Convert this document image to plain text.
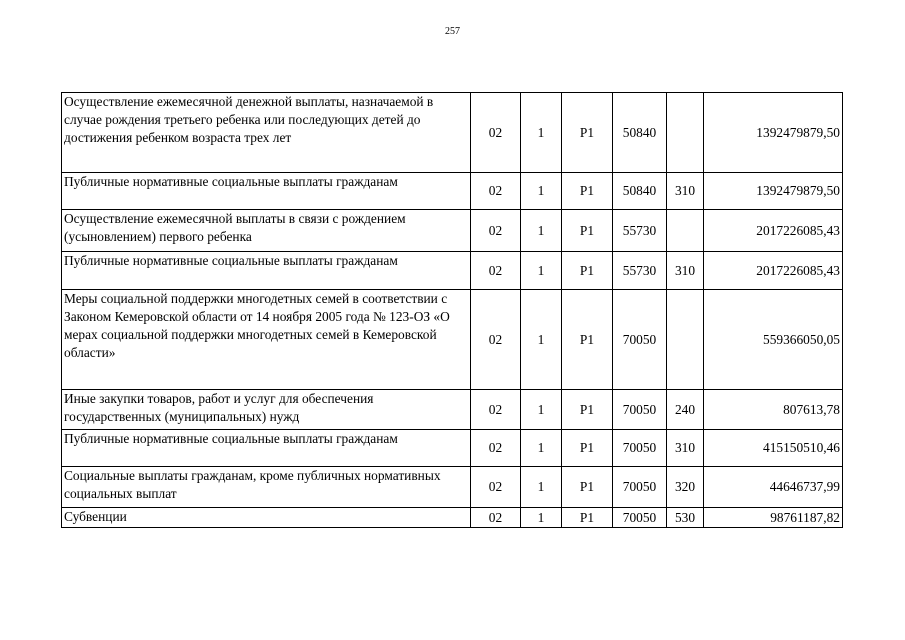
257
Осуществление ежемесячной денежной выплаты, назначаемой в случае рождения третьего ребенка или последующих детей до достижения ребенком возраста трех лет	02	1	P1	50840		1392479879,50
Публичные нормативные социальные выплаты гражданам	02	1	P1	50840	310	1392479879,50
Осуществление ежемесячной выплаты в связи с рождением (усыновлением) первого ребенка	02	1	P1	55730		2017226085,43
Публичные нормативные социальные выплаты гражданам	02	1	P1	55730	310	2017226085,43
Меры социальной поддержки многодетных семей в соответствии с Законом Кемеровской области от 14 ноября 2005 года № 123-ОЗ «О мерах социальной поддержки многодетных семей в Кемеровской области»	02	1	P1	70050		559366050,05
Иные закупки товаров, работ и услуг для обеспечения государственных (муниципальных) нужд	02	1	P1	70050	240	807613,78
Публичные нормативные социальные выплаты гражданам	02	1	P1	70050	310	415150510,46
Социальные выплаты гражданам, кроме публичных нормативных социальных выплат	02	1	P1	70050	320	44646737,99
Субвенции	02	1	P1	70050	530	98761187,82
